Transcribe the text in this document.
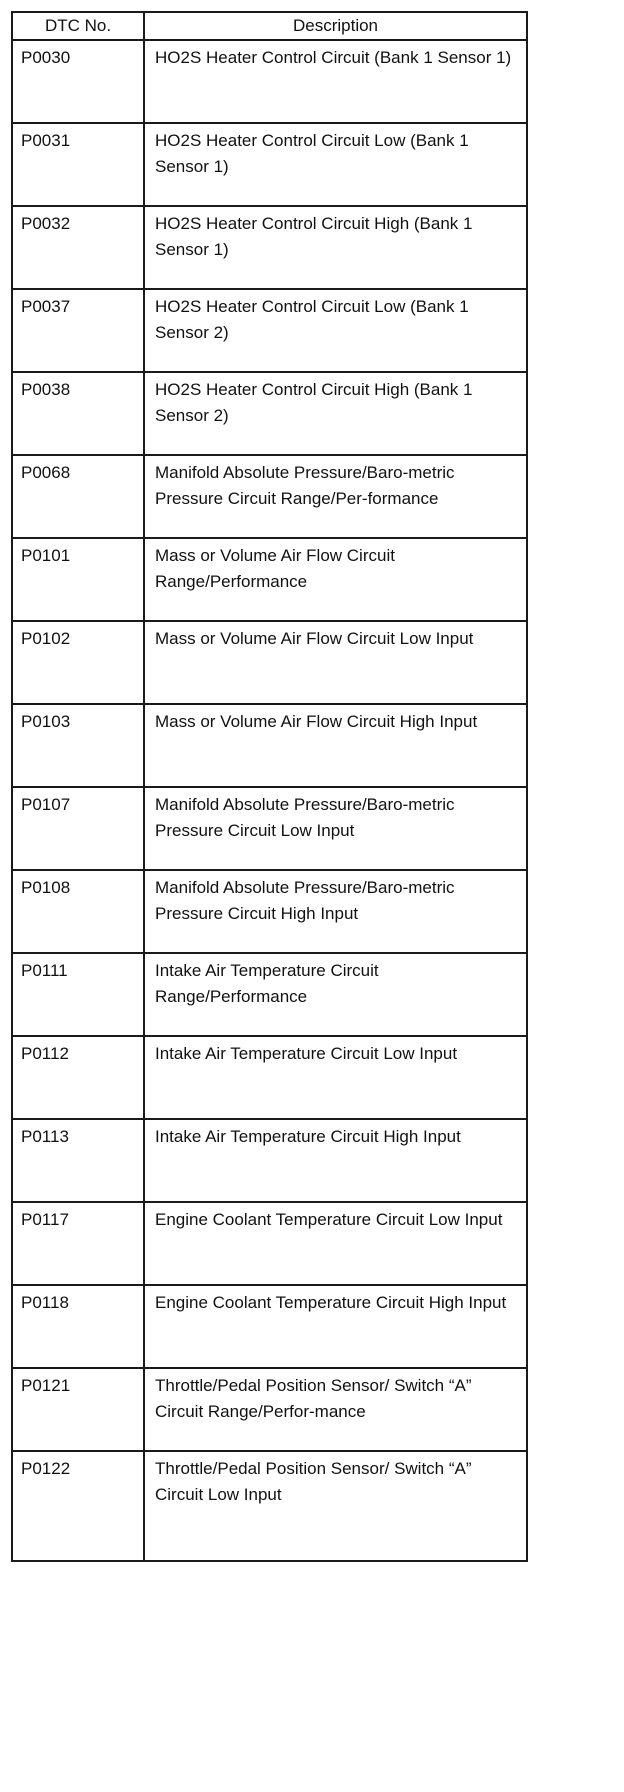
DTC No.	Description
P0030	HO2S Heater Control Circuit (Bank 1 Sensor 1)
P0031	HO2S Heater Control Circuit Low (Bank 1 Sensor 1)
P0032	HO2S Heater Control Circuit High (Bank 1 Sensor 1)
P0037	HO2S Heater Control Circuit Low (Bank 1 Sensor 2)
P0038	HO2S Heater Control Circuit High (Bank 1 Sensor 2)
P0068	Manifold Absolute Pressure/Baro-metric Pressure Circuit Range/Per-formance
P0101	Mass or Volume Air Flow Circuit Range/Performance
P0102	Mass or Volume Air Flow Circuit Low Input
P0103	Mass or Volume Air Flow Circuit High Input
P0107	Manifold Absolute Pressure/Baro-metric Pressure Circuit Low Input
P0108	Manifold Absolute Pressure/Baro-metric Pressure Circuit High Input
P0111	Intake Air Temperature Circuit Range/Performance
P0112	Intake Air Temperature Circuit Low Input
P0113	Intake Air Temperature Circuit High Input
P0117	Engine Coolant Temperature Circuit Low Input
P0118	Engine Coolant Temperature Circuit High Input
P0121	Throttle/Pedal Position Sensor/ Switch “A” Circuit Range/Perfor-mance
P0122	Throttle/Pedal Position Sensor/ Switch “A” Circuit Low Input
